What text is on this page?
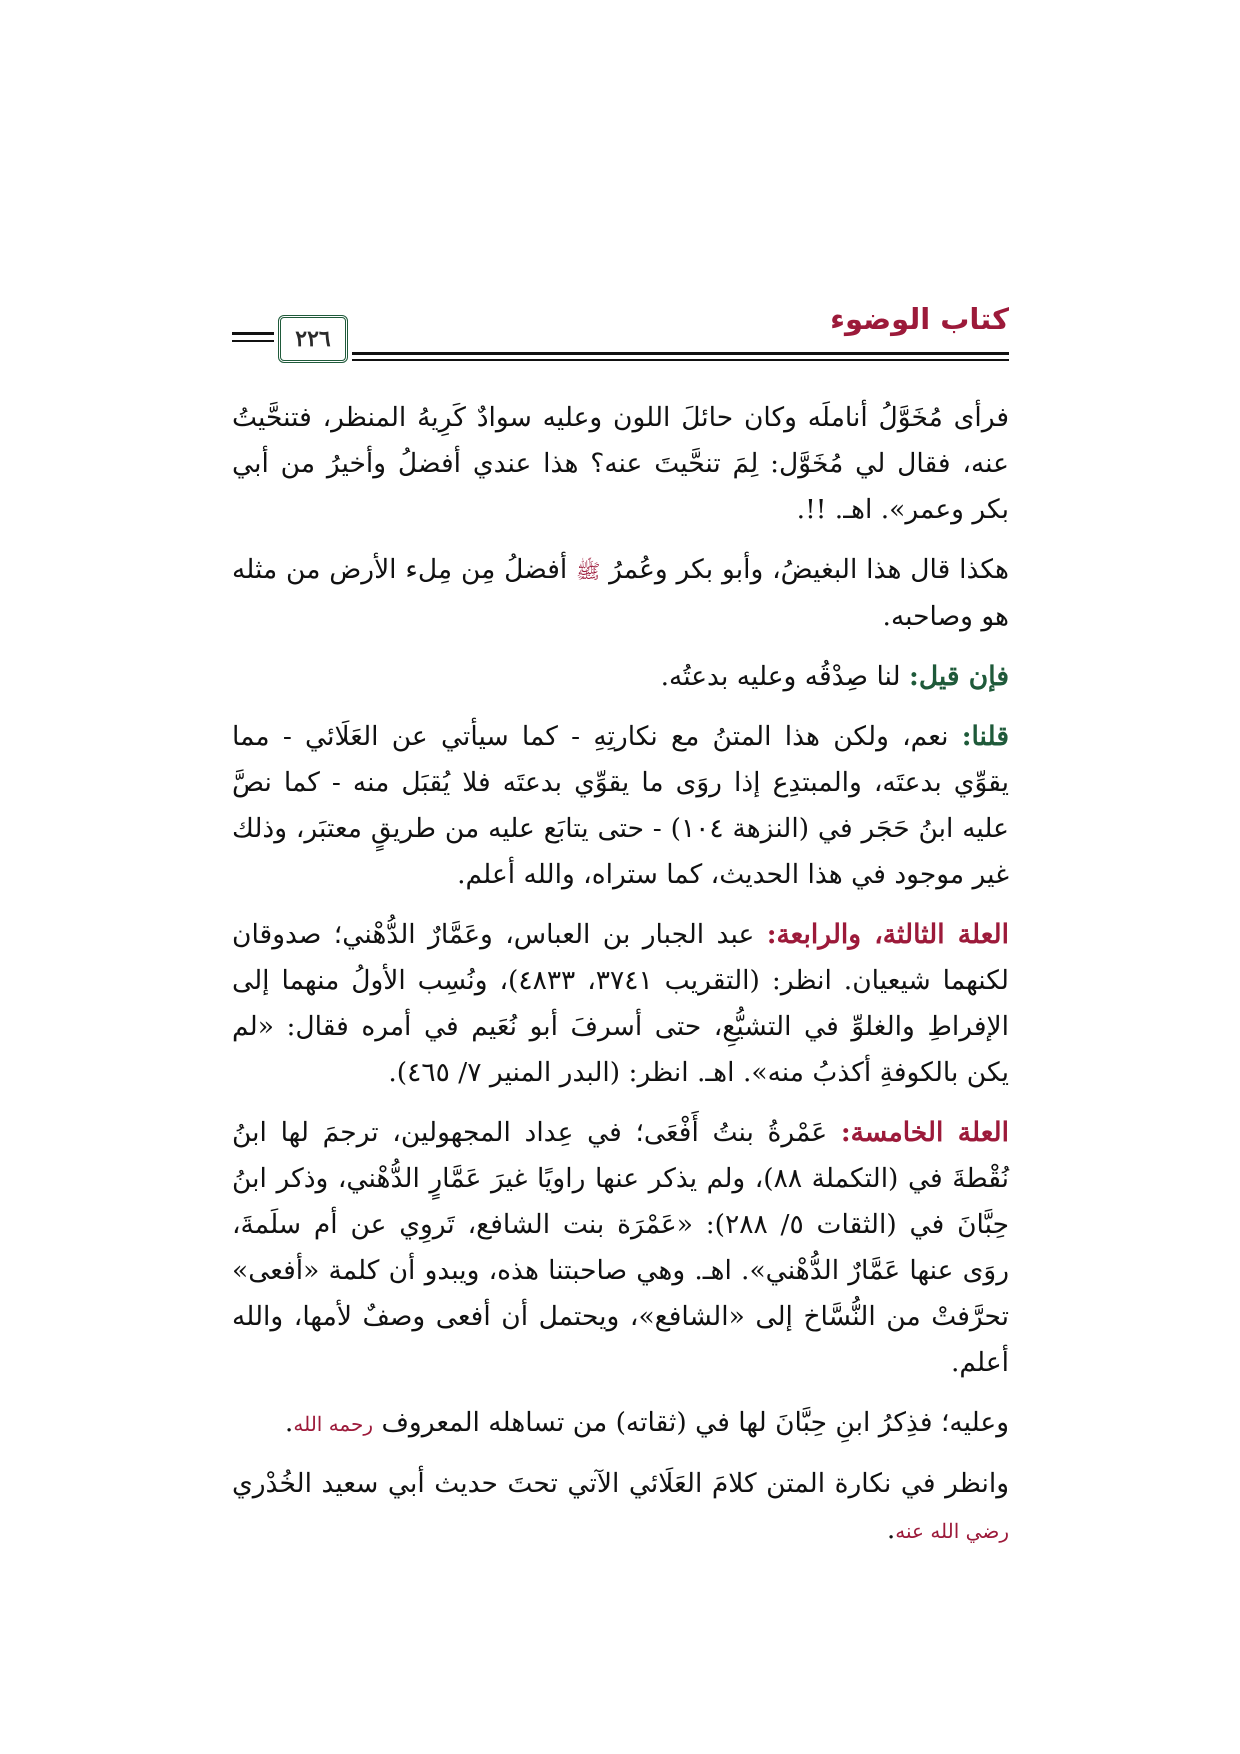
٢٢٦
كتاب الوضوء

فرأى مُخَوَّلُ أناملَه وكان حائلَ اللون وعليه سوادٌ كَرِيهُ المنظر، فتنحَّيتُ عنه، فقال لي مُخَوَّل: لِمَ تنحَّيتَ عنه؟ هذا عندي أفضلُ وأخيرُ من أبي بكر وعمر». اهـ. !!.

هكذا قال هذا البغيضُ، وأبو بكر وعُمرُ ﷺ أفضلُ مِن مِلء الأرض من مثله هو وصاحبه.

فإن قيل: لنا صِدْقُه وعليه بدعتُه.

قلنا: نعم، ولكن هذا المتنُ مع نكارتِهِ - كما سيأتي عن العَلَائي - مما يقوِّي بدعتَه، والمبتدِع إذا روَى ما يقوِّي بدعتَه فلا يُقبَل منه - كما نصَّ عليه ابنُ حَجَر في (النزهة ١٠٤) - حتى يتابَع عليه من طريقٍ معتبَر، وذلك غير موجود في هذا الحديث، كما ستراه، والله أعلم.

العلة الثالثة، والرابعة: عبد الجبار بن العباس، وعَمَّارٌ الدُّهْني؛ صدوقان لكنهما شيعيان. انظر: (التقريب ٣٧٤١، ٤٨٣٣)، ونُسِب الأولُ منهما إلى الإفراطِ والغلوِّ في التشيُّعِ، حتى أسرفَ أبو نُعَيم في أمره فقال: «لم يكن بالكوفةِ أكذبُ منه». اهـ. انظر: (البدر المنير ٧/ ٤٦٥).

العلة الخامسة: عَمْرةُ بنتُ أَفْعَى؛ في عِداد المجهولين، ترجمَ لها ابنُ نُقْطةَ في (التكملة ٨٨)، ولم يذكر عنها راويًا غيرَ عَمَّارٍ الدُّهْني، وذكر ابنُ حِبَّانَ في (الثقات ٥/ ٢٨٨): «عَمْرَة بنت الشافع، تَروِي عن أم سلَمةَ، روَى عنها عَمَّارٌ الدُّهْني». اهـ. وهي صاحبتنا هذه، ويبدو أن كلمة «أفعى» تحرَّفتْ من النُّسَّاخ إلى «الشافع»، ويحتمل أن أفعى وصفٌ لأمها، والله أعلم.

وعليه؛ فذِكرُ ابنِ حِبَّانَ لها في (ثقاته) من تساهله المعروف رحمه الله.

وانظر في نكارة المتن كلامَ العَلَائي الآتي تحتَ حديث أبي سعيد الخُدْري رضي الله عنه.
